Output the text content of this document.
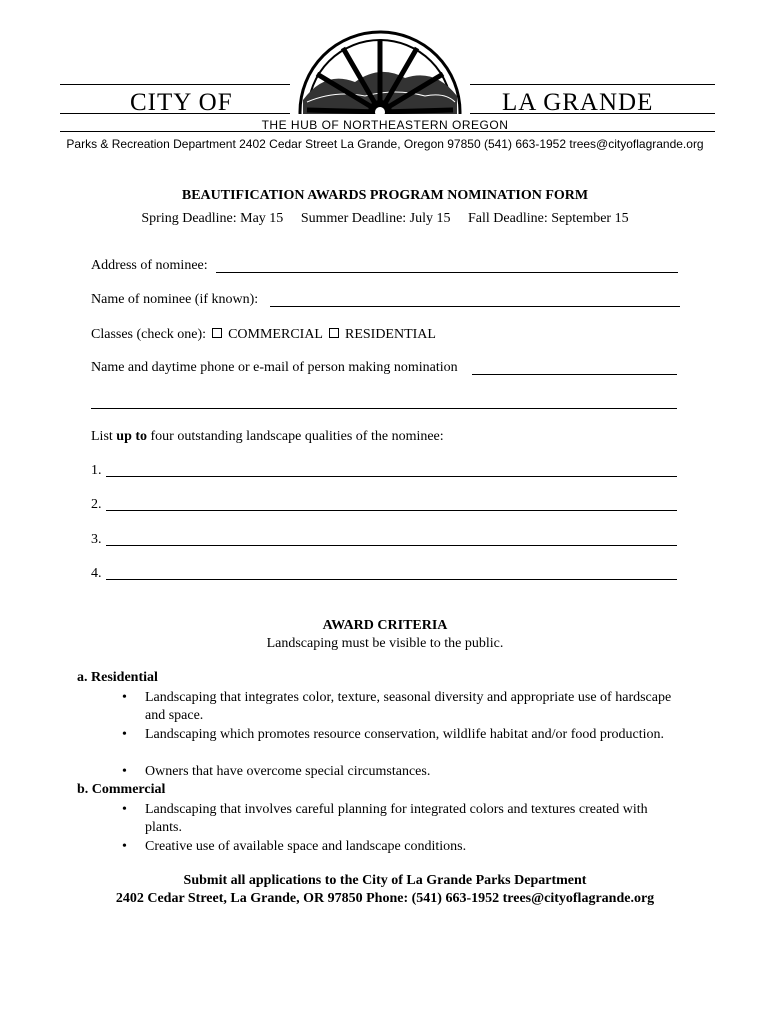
CITY OF	LA GRANDE
THE HUB OF NORTHEASTERN OREGON
Parks & Recreation Department 2402 Cedar Street La Grande, Oregon 97850 (541) 663-1952 trees@cityoflagrande.org
BEAUTIFICATION AWARDS PROGRAM NOMINATION FORM
Spring Deadline: May 15 Summer Deadline: July 15 Fall Deadline: September 15
Address of nominee:
Name of nominee (if known):
Classes (check one): COMMERCIAL RESIDENTIAL
Name and daytime phone or e-mail of person making nomination
List up to four outstanding landscape qualities of the nominee:
1.
2.
3.
4.
AWARD CRITERIA
Landscaping must be visible to the public.
a. Residential
• Landscaping that integrates color, texture, seasonal diversity and appropriate use of hardscape and space.
• Landscaping which promotes resource conservation, wildlife habitat and/or food production.
• Owners that have overcome special circumstances.
b. Commercial
• Landscaping that involves careful planning for integrated colors and textures created with plants.
• Creative use of available space and landscape conditions.
Submit all applications to the City of La Grande Parks Department
2402 Cedar Street, La Grande, OR 97850 Phone: (541) 663-1952 trees@cityoflagrande.org
